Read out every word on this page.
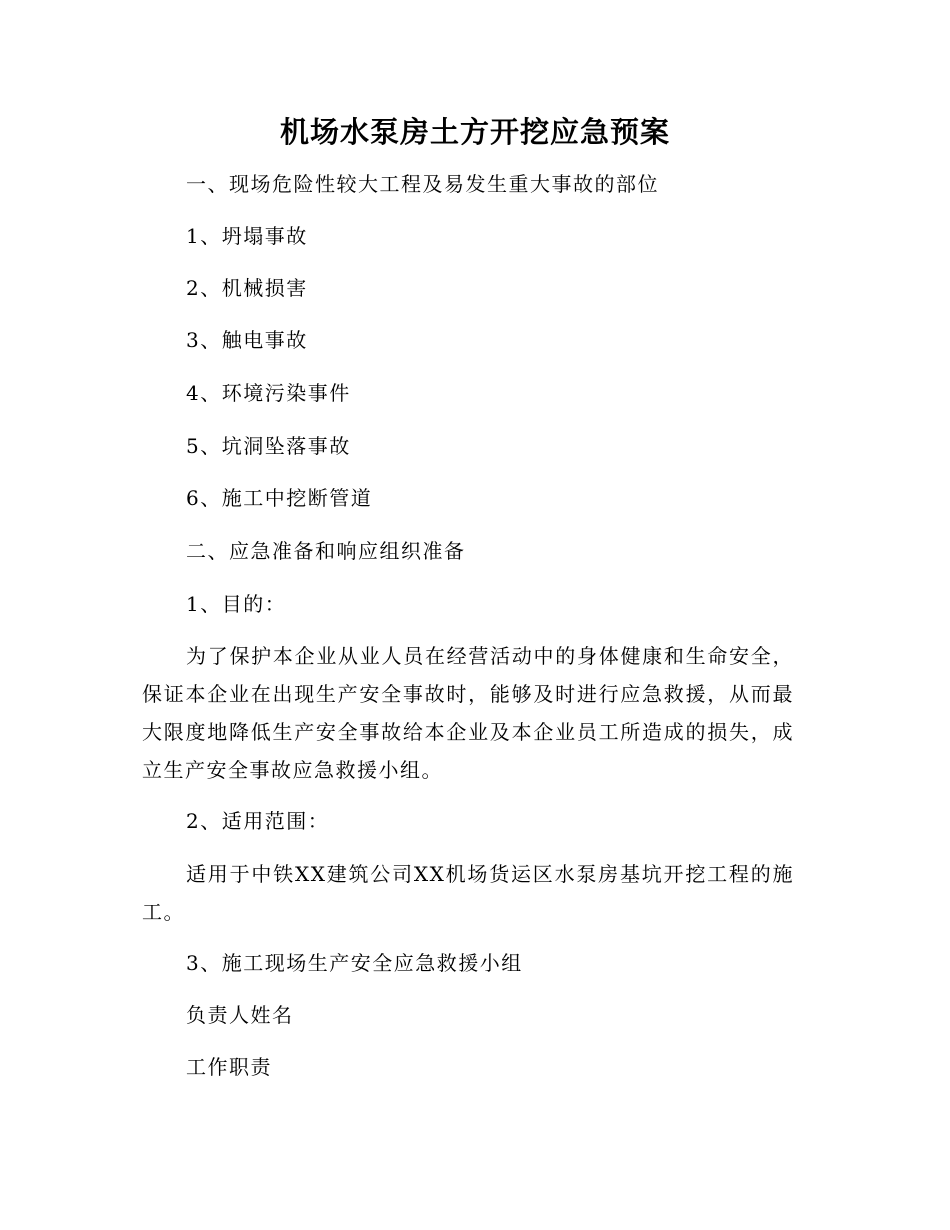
机场水泵房土方开挖应急预案
一、现场危险性较大工程及易发生重大事故的部位
1、坍塌事故
2、机械损害
3、触电事故
4、环境污染事件
5、坑洞坠落事故
6、施工中挖断管道
二、应急准备和响应组织准备
1、目的：
为了保护本企业从业人员在经营活动中的身体健康和生命安全，保证本企业在出现生产安全事故时，能够及时进行应急救援，从而最大限度地降低生产安全事故给本企业及本企业员工所造成的损失，成立生产安全事故应急救援小组。
2、适用范围：
适用于中铁XX建筑公司XX机场货运区水泵房基坑开挖工程的施工。
3、施工现场生产安全应急救援小组
负责人姓名
工作职责
